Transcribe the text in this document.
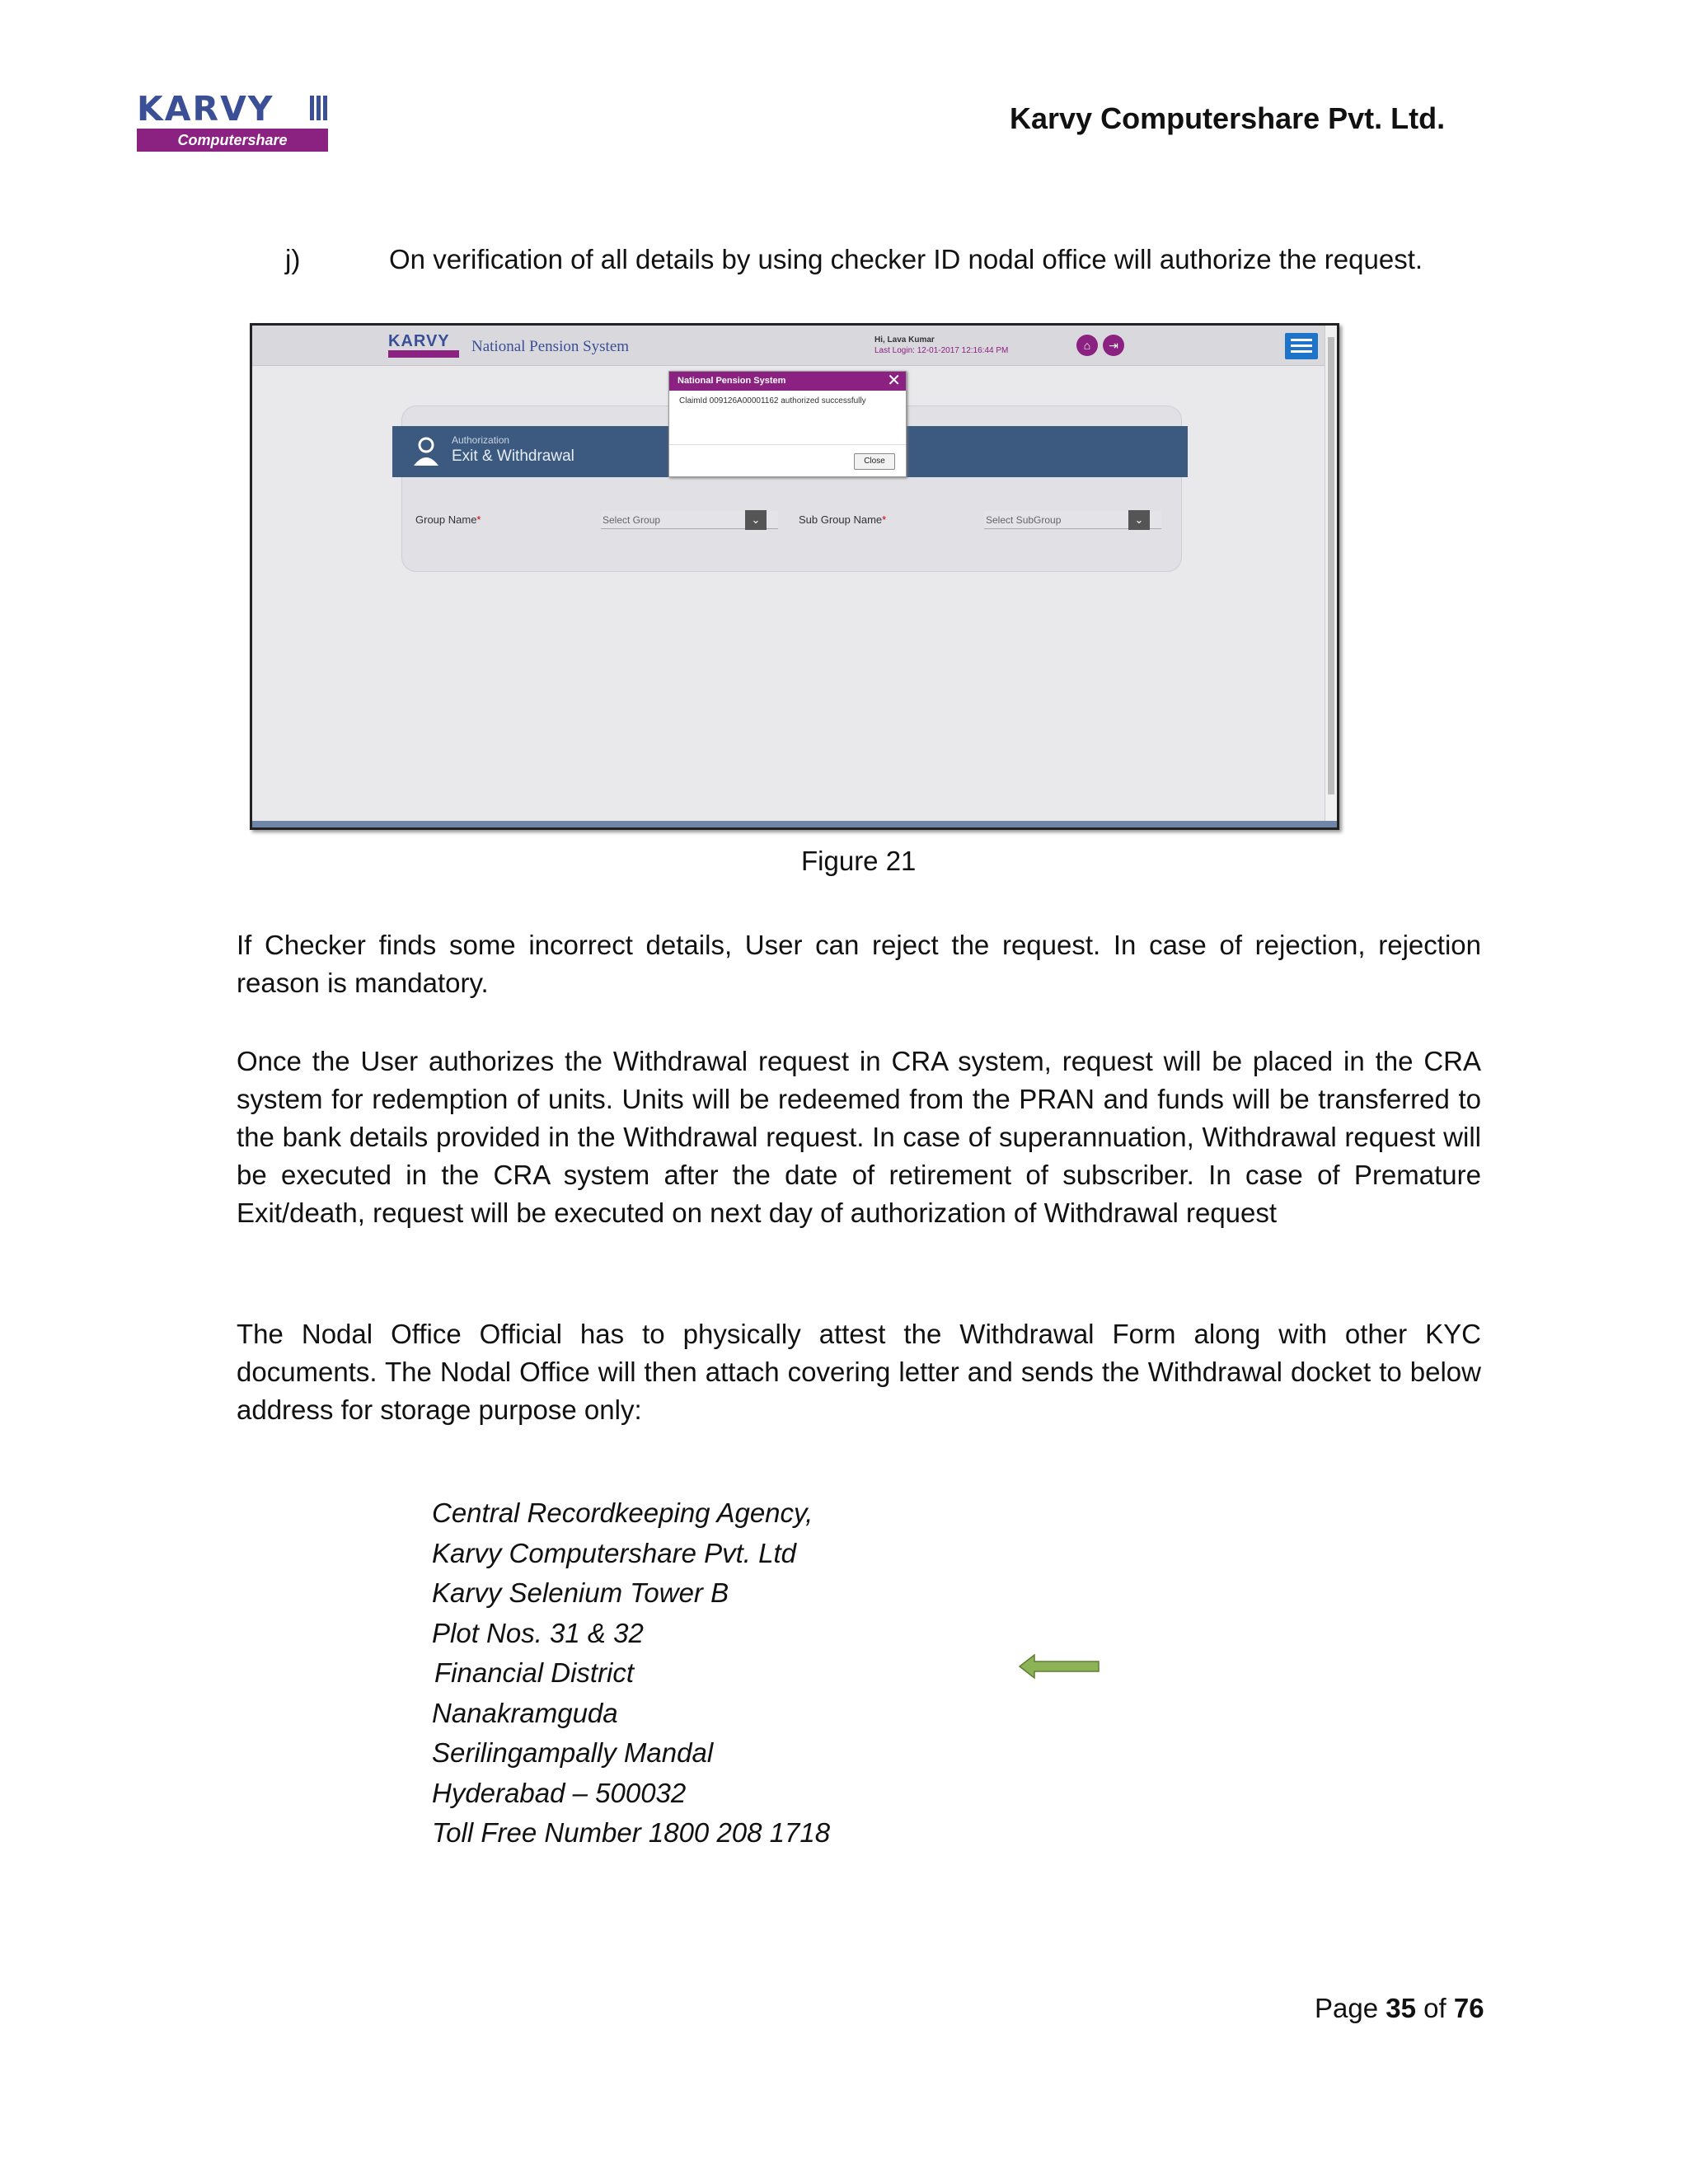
KARVY
Computershare
Karvy Computershare Pvt. Ltd.
j)	On verification of all details by using checker ID nodal office will authorize the request.
KARVY	National Pension System	Hi, Lava Kumar
Last Login: 12-01-2017 12:16:44 PM	⌂	⇥
Authorization
Exit & Withdrawal
Group Name*	Select Group	⌄	Sub Group Name*	Select SubGroup	⌄
National Pension System	✕
ClaimId 009126A00001162 authorized successfully
Close
Figure 21
If Checker finds some incorrect details, User can reject the request. In case of rejection, rejection reason is mandatory.
Once the User authorizes the Withdrawal request in CRA system, request will be placed in the CRA system for redemption of units. Units will be redeemed from the PRAN and funds will be transferred to the bank details provided in the Withdrawal request. In case of superannuation, Withdrawal request will be executed in the CRA system after the date of retirement of subscriber. In case of Premature Exit/death, request will be executed on next day of authorization of Withdrawal request
The Nodal Office Official has to physically attest the Withdrawal Form along with other KYC documents. The Nodal Office will then attach covering letter and sends the Withdrawal docket to below address for storage purpose only:
Central Recordkeeping Agency,
Karvy Computershare Pvt. Ltd
Karvy Selenium Tower B
Plot Nos. 31 & 32
Financial District
Nanakramguda
Serilingampally Mandal
Hyderabad – 500032
Toll Free Number 1800 208 1718
Page 35 of 76
